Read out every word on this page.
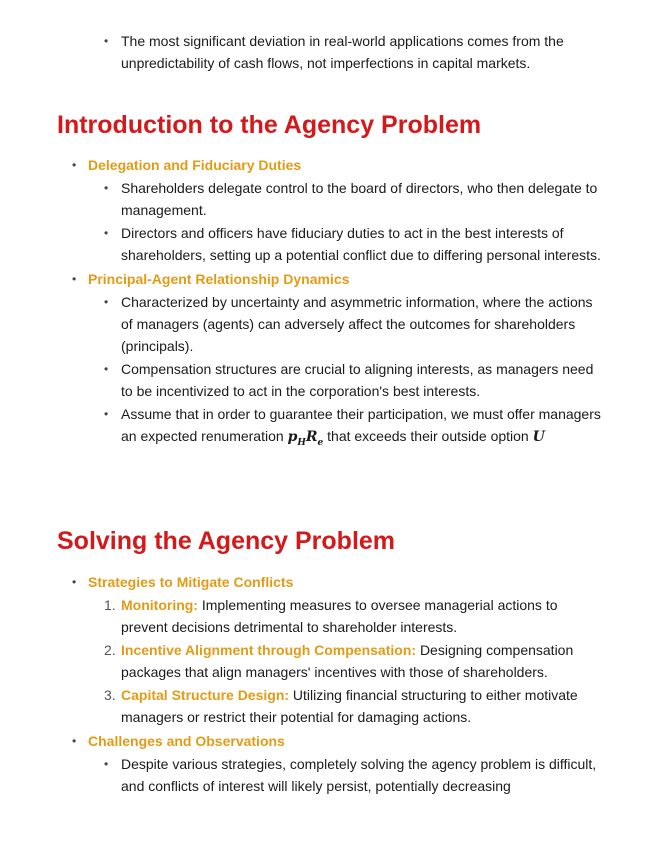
• The most significant deviation in real-world applications comes from the unpredictability of cash flows, not imperfections in capital markets.
Introduction to the Agency Problem
• Delegation and Fiduciary Duties
• Shareholders delegate control to the board of directors, who then delegate to management.
• Directors and officers have fiduciary duties to act in the best interests of shareholders, setting up a potential conflict due to differing personal interests.
• Principal-Agent Relationship Dynamics
• Characterized by uncertainty and asymmetric information, where the actions of managers (agents) can adversely affect the outcomes for shareholders (principals).
• Compensation structures are crucial to aligning interests, as managers need to be incentivized to act in the corporation's best interests.
• Assume that in order to guarantee their participation, we must offer managers an expected renumeration $p_HR_e$ that exceeds their outside option U
Solving the Agency Problem
• Strategies to Mitigate Conflicts
1. Monitoring: Implementing measures to oversee managerial actions to prevent decisions detrimental to shareholder interests.
2. Incentive Alignment through Compensation: Designing compensation packages that align managers' incentives with those of shareholders.
3. Capital Structure Design: Utilizing financial structuring to either motivate managers or restrict their potential for damaging actions.
• Challenges and Observations
• Despite various strategies, completely solving the agency problem is difficult, and conflicts of interest will likely persist, potentially decreasing
